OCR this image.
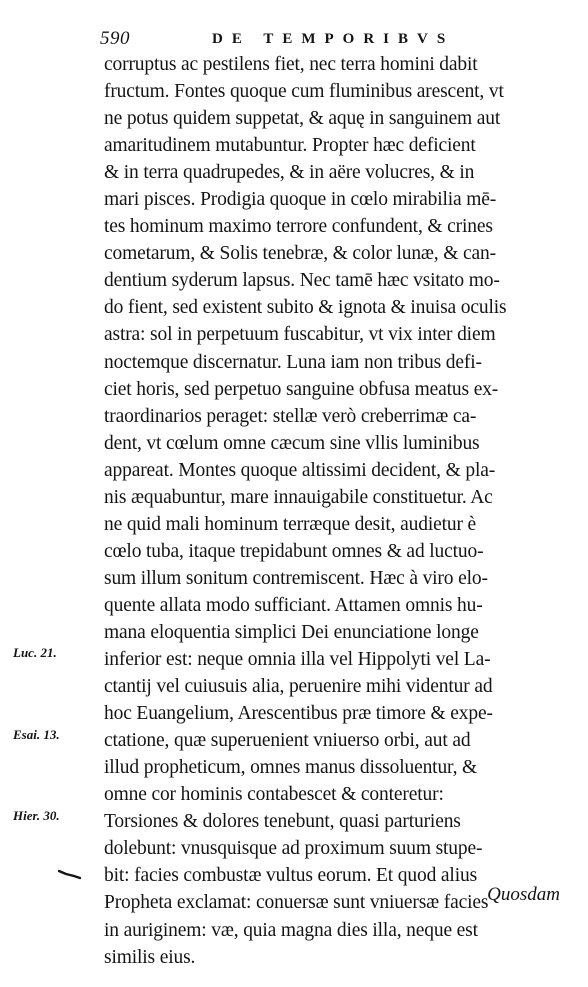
590	DE TEMPORIBVS
corruptus ac pestilens fiet, nec terra homini dabit
fructum. Fontes quoque cum fluminibus arescent, vt
ne potus quidem suppetat, & aquę in sanguinem aut
amaritudinem mutabuntur. Propter hæc deficient
& in terra quadrupedes, & in aëre volucres, & in
mari pisces. Prodigia quoque in cœlo mirabilia mē-
tes hominum maximo terrore confundent, & crines
cometarum, & Solis tenebræ, & color lunæ, & can-
dentium syderum lapsus. Nec tamē hæc vsitato mo-
do fient, sed existent subito & ignota & inuisa oculis
astra: sol in perpetuum fuscabitur, vt vix inter diem
noctemque discernatur. Luna iam non tribus defi-
ciet horis, sed perpetuo sanguine obfusa meatus ex-
traordinarios peraget: stellæ verò creberrimæ ca-
dent, vt cœlum omne cæcum sine vllis luminibus
appareat. Montes quoque altissimi decident, & pla-
nis æquabuntur, mare innauigabile constituetur. Ac
ne quid mali hominum terræque desit, audietur è
cœlo tuba, itaque trepidabunt omnes & ad luctuo-
sum illum sonitum contremiscent. Hæc à viro elo-
quente allata modo sufficiant. Attamen omnis hu-
mana eloquentia simplici Dei enunciatione longe
inferior est: neque omnia illa vel Hippolyti vel La-
ctantij vel cuiusuis alia, peruenire mihi videntur ad
hoc Euangelium, Arescentibus præ timore & expe-
ctatione, quæ superuenient vniuerso orbi, aut ad
illud propheticum, omnes manus dissoluentur, &
omne cor hominis contabescet & conteretur:
Torsiones & dolores tenebunt, quasi parturiens
dolebunt: vnusquisque ad proximum suum stupe-
bit: facies combustæ vultus eorum. Et quod alius
Propheta exclamat: conuersæ sunt vniuersæ facies
in auriginem: væ, quia magna dies illa, neque est
similis eius.
Luc. 21.
Esai. 13.
Hier. 30.
Quosdam
